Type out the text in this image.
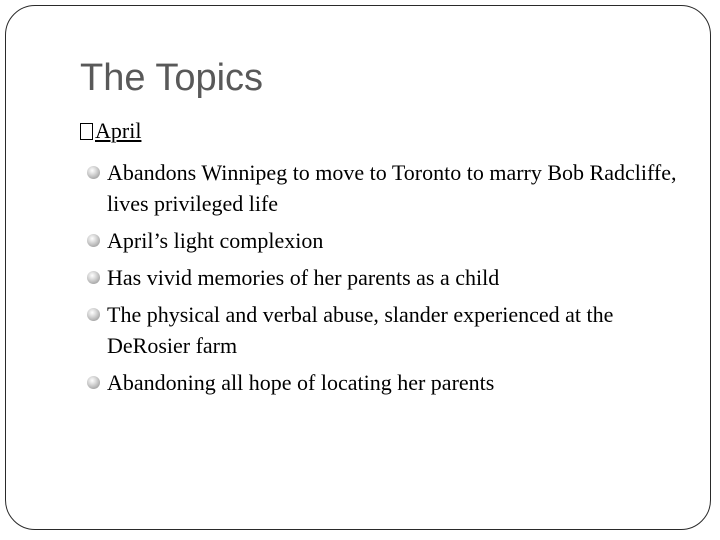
The Topics
April
Abandons Winnipeg to move to Toronto to marry Bob Radcliffe, lives privileged life
April’s light complexion
Has vivid memories of her parents as a child
The physical and verbal abuse, slander experienced at the DeRosier farm
Abandoning all hope of locating her parents
